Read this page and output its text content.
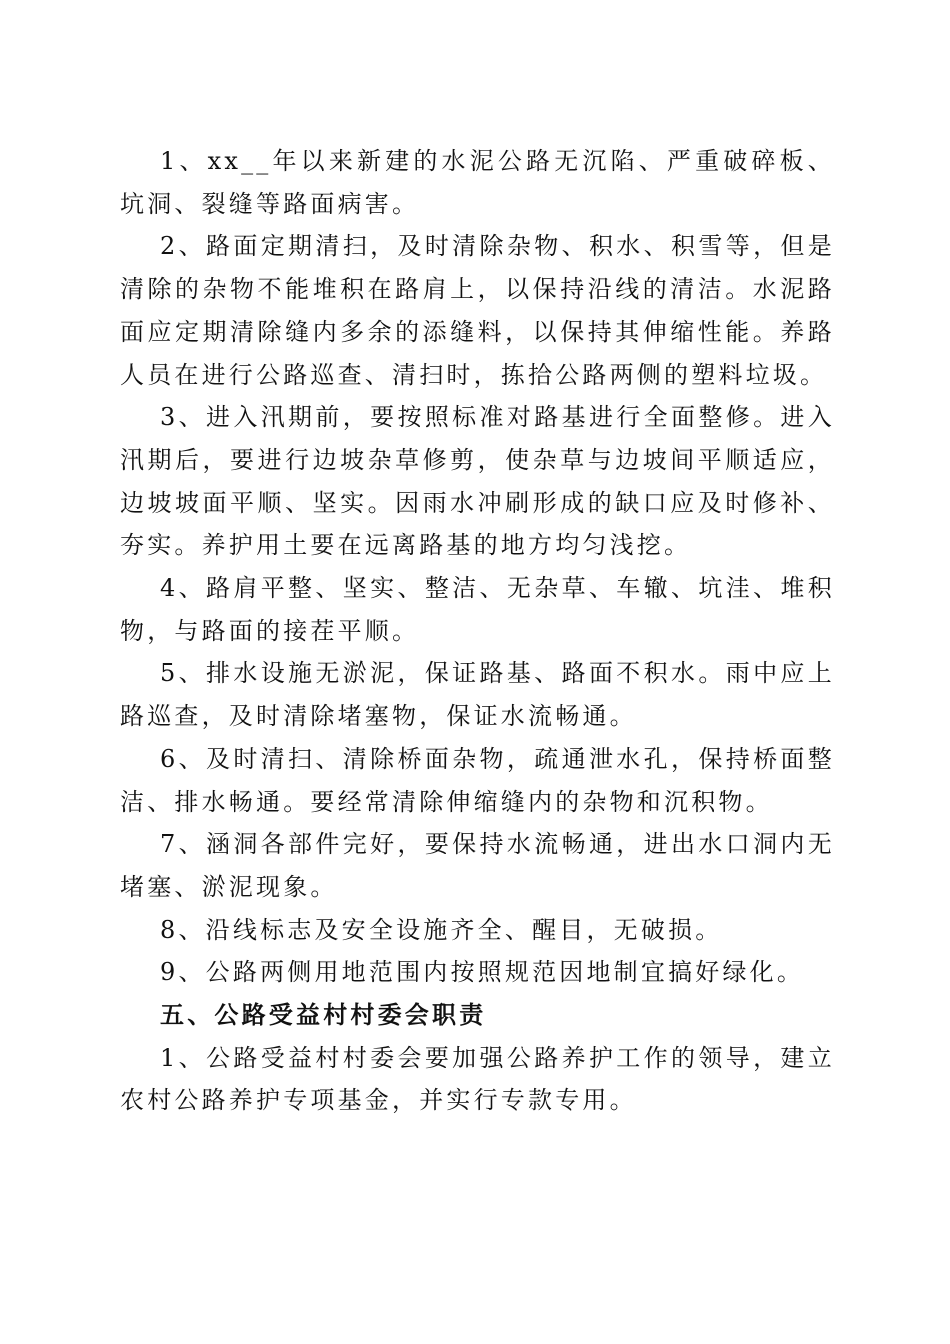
1、xx__年以来新建的水泥公路无沉陷、严重破碎板、坑洞、裂缝等路面病害。

2、路面定期清扫，及时清除杂物、积水、积雪等，但是清除的杂物不能堆积在路肩上，以保持沿线的清洁。水泥路面应定期清除缝内多余的添缝料，以保持其伸缩性能。养路人员在进行公路巡查、清扫时，拣拾公路两侧的塑料垃圾。

3、进入汛期前，要按照标准对路基进行全面整修。进入汛期后，要进行边坡杂草修剪，使杂草与边坡间平顺适应，边坡坡面平顺、坚实。因雨水冲刷形成的缺口应及时修补、夯实。养护用土要在远离路基的地方均匀浅挖。

4、路肩平整、坚实、整洁、无杂草、车辙、坑洼、堆积物，与路面的接茬平顺。

5、排水设施无淤泥，保证路基、路面不积水。雨中应上路巡查，及时清除堵塞物，保证水流畅通。

6、及时清扫、清除桥面杂物，疏通泄水孔，保持桥面整洁、排水畅通。要经常清除伸缩缝内的杂物和沉积物。

7、涵洞各部件完好，要保持水流畅通，进出水口洞内无堵塞、淤泥现象。

8、沿线标志及安全设施齐全、醒目，无破损。

9、公路两侧用地范围内按照规范因地制宜搞好绿化。

五、公路受益村村委会职责

1、公路受益村村委会要加强公路养护工作的领导，建立农村公路养护专项基金，并实行专款专用。
